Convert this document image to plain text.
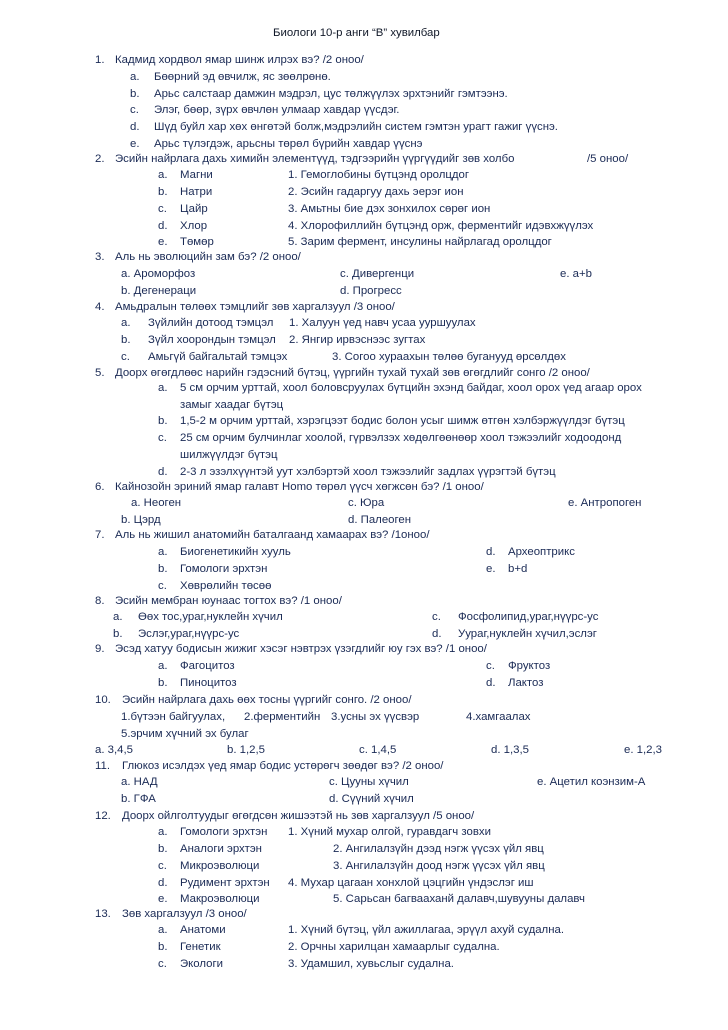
Биологи 10-р анги “B” хувилбар
1. Кадмид хордвол ямар шинж илрэх вэ? /2 оноо/
a. Бөөрний эд өвчилж, яс зөөлрөнө.
b. Арьс салстаар дамжин мэдрэл, цус төлжүүлэх эрхтэнийг гэмтээнэ.
c. Элэг, бөөр, зүрх өвчлөн улмаар хавдар үүсдэг.
d. Шүд буйл хар хөх өнгөтэй болж,мэдрэлийн систем гэмтэн урагт гажиг үүснэ.
e. Арьс түлэгдэж, арьсны төрөл бүрийн хавдар үүснэ
2. Эсийн найрлага дахь химийн элементүүд, тэдгээрийн үүргүүдийг зөв холбо	/5 оноо/
a. Магни	1. Гемоглобины бүтцэнд оролцдог
b. Натри	2. Эсийн гадаргуу дахь эерэг ион
c. Цайр	3. Амьтны бие дэх зонхилох сөрөг ион
d. Хлор	4. Хлорофиллийн бүтцэнд орж, ферментийг идэвхжүүлэх
e. Төмөр	5. Зарим фермент, инсулины найрлагад оролцдог
3. Аль нь эволюцийн зам бэ? /2 оноо/
a. Ароморфоз	c. Дивергенци	e. a+b
b. Дегенераци	d. Прогресс
4. Амьдралын төлөөх тэмцлийг зөв харгалзуул /3 оноо/
a. Зүйлийн дотоод тэмцэл 1. Халуун үед навч усаа ууршуулах
b. Зүйл хоорондын тэмцэл 2. Янгир ирвэснээс зугтах
c. Амьгүй байгальтай тэмцэх	3. Согоо хураахын төлөө буганууд өрсөлдөх
5. Доорх өгөгдлөөс нарийн гэдэсний бүтэц, үүргийн тухай тухай зөв өгөгдлийг сонго /2 оноо/
a. 5 см орчим урттай, хоол боловсруулах бүтцийн эхэнд байдаг, хоол орох үед агаар орох
замыг хаадаг бүтэц
b. 1,5-2 м орчим урттай, хэрэгцээт бодис болон усыг шимж өтгөн хэлбэржүүлдэг бүтэц
c. 25 см орчим булчинлаг хоолой, гүрвэлзэх хөдөлгөөнөөр хоол тэжээлийг ходоодонд
шилжүүлдэг бүтэц
d. 2-3 л эзэлхүүнтэй уут хэлбэртэй хоол тэжээлийг задлах үүрэгтэй бүтэц
6. Кайнозойн эриний ямар галавт Homo төрөл үүсч хөгжсөн бэ? /1 оноо/
a. Неоген	c. Юра	e. Антропоген
b. Цэрд	d. Палеоген
7. Аль нь жишил анатомийн баталгаанд хамаарах вэ? /1оноо/
a. Биогенетикийн хууль	d. Археоптрикс
b. Гомологи эрхтэн	e. b+d
c. Хөврөлийн төсөө
8. Эсийн мембран юунаас тогтох вэ? /1 оноо/
a. Өөх тос,ураг,нуклейн хүчил	c. Фосфолипид,ураг,нүүрс-ус
b. Эслэг,ураг,нүүрс-ус	d. Уураг,нуклейн хүчил,эслэг
9. Эсэд хатуу бодисын жижиг хэсэг нэвтрэх үзэгдлийг юу гэх вэ? /1 оноо/
a. Фагоцитоз	c. Фруктоз
b. Пиноцитоз	d. Лактоз
10. Эсийн найрлага дахь өөх тосны үүргийг сонго. /2 оноо/
1.бүтээн байгуулах, 2.ферментийн 3.усны эх үүсвэр	4.хамгаалах
5.эрчим хүчний эх булаг
a. 3,4,5	b. 1,2,5	c. 1,4,5	d. 1,3,5	e. 1,2,3
11. Глюкоз исэлдэх үед ямар бодис устөрөгч зөөдөг вэ? /2 оноо/
a. НАД	c. Цууны хүчил	e. Ацетил коэнзим-А
b. ГФА	d. Сүүний хүчил
12. Доорх ойлголтуудыг өгөгдсөн жишээтэй нь зөв харгалзуул /5 оноо/
a. Гомологи эрхтэн 1. Хүний мухар олгой, гуравдагч зовхи
b. Аналоги эрхтэн	2. Ангилалзүйн дээд нэгж үүсэх үйл явц
c. Микроэволюци	3. Ангилалзүйн доод нэгж үүсэх үйл явц
d. Рудимент эрхтэн 4. Мухар цагаан хонхлой цэцгийн үндэслэг иш
e. Макроэволюци	5. Сарьсан багвааханй далавч,шувууны далавч
13. Зөв харгалзуул /3 оноо/
a. Анатоми	1. Хүний бүтэц, үйл ажиллагаа, эрүүл ахуй судална.
b. Генетик	2. Орчны харилцан хамаарлыг судална.
c. Экологи	3. Удамшил, хувьслыг судална.
